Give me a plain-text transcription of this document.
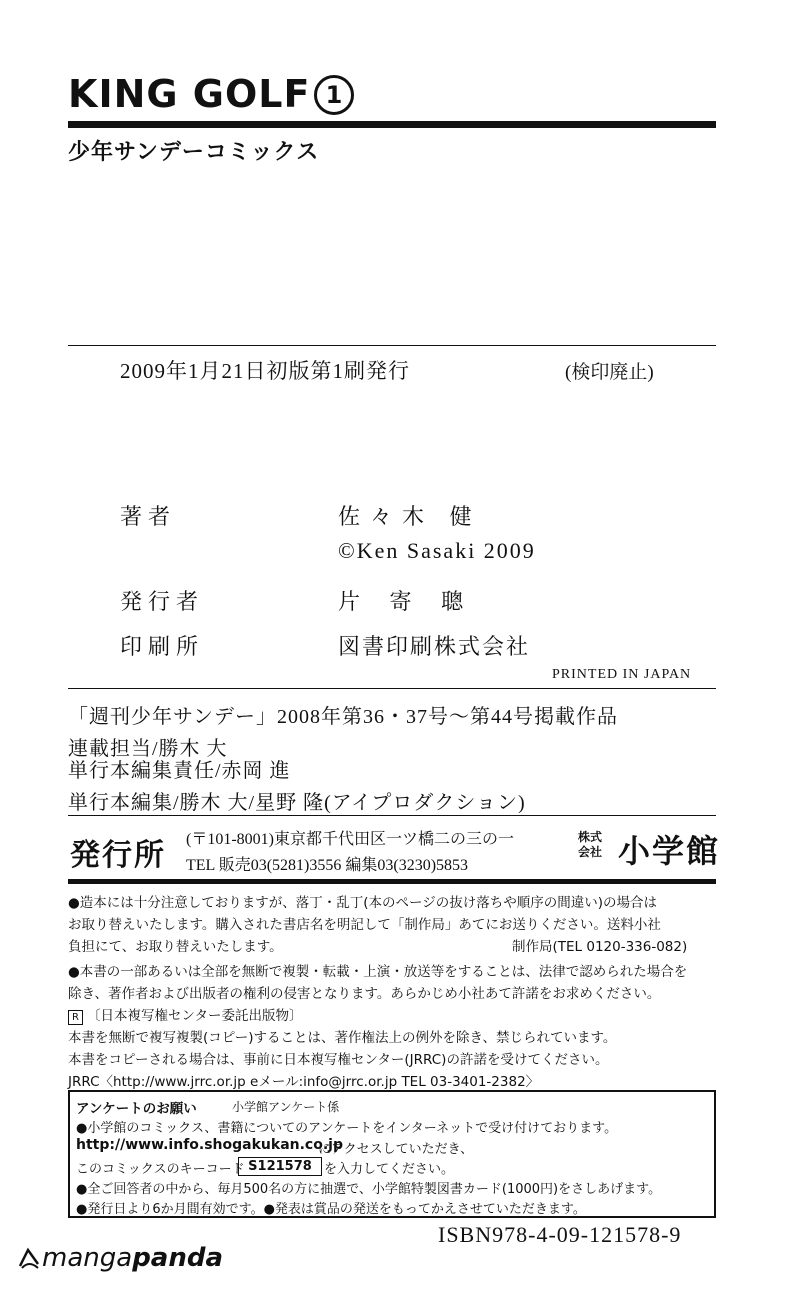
KING GOLF 1
少年サンデーコミックス
2009年1月21日初版第1刷発行	(検印廃止)
著者	佐々木 健
©Ken Sasaki 2009
発行者	片 寄 聰
印刷所	図書印刷株式会社
PRINTED IN JAPAN
「週刊少年サンデー」2008年第36・37号〜第44号掲載作品
連載担当/勝木 大
単行本編集責任/赤岡 進
単行本編集/勝木 大/星野 隆(アイプロダクション)
発行所 (〒101-8001)東京都千代田区一ツ橋二の三の一
TEL 販売03(5281)3556 編集03(3230)5853
株式会社 小学館
●造本には十分注意しておりますが、落丁・乱丁(本のページの抜け落ちや順序の間違い)の場合は
お取り替えいたします。購入された書店名を明記して「制作局」あてにお送りください。送料小社
負担にて、お取り替えいたします。	制作局(TEL 0120-336-082)
●本書の一部あるいは全部を無断で複製・転載・上演・放送等をすることは、法律で認められた場合を
除き、著作者および出版者の権利の侵害となります。あらかじめ小社あて許諾をお求めください。
R 〔日本複写権センター委託出版物〕
本書を無断で複写複製(コピー)することは、著作権法上の例外を除き、禁じられています。
本書をコピーされる場合は、事前に日本複写権センター(JRRC)の許諾を受けてください。
JRRC〈http://www.jrrc.or.jp eメール:info@jrrc.or.jp TEL 03-3401-2382〉
アンケートのお願い	小学館アンケート係
●小学館のコミックス、書籍についてのアンケートをインターネットで受け付けております。
http://www.info.shogakukan.co.jp
にアクセスしていただき、
このコミックスのキーコード S121578 を入力してください。
●全ご回答者の中から、毎月500名の方に抽選で、小学館特製図書カード(1000円)をさしあげます。
●発行日より6か月間有効です。●発表は賞品の発送をもってかえさせていただきます。
ISBN978-4-09-121578-9
mangapanda
